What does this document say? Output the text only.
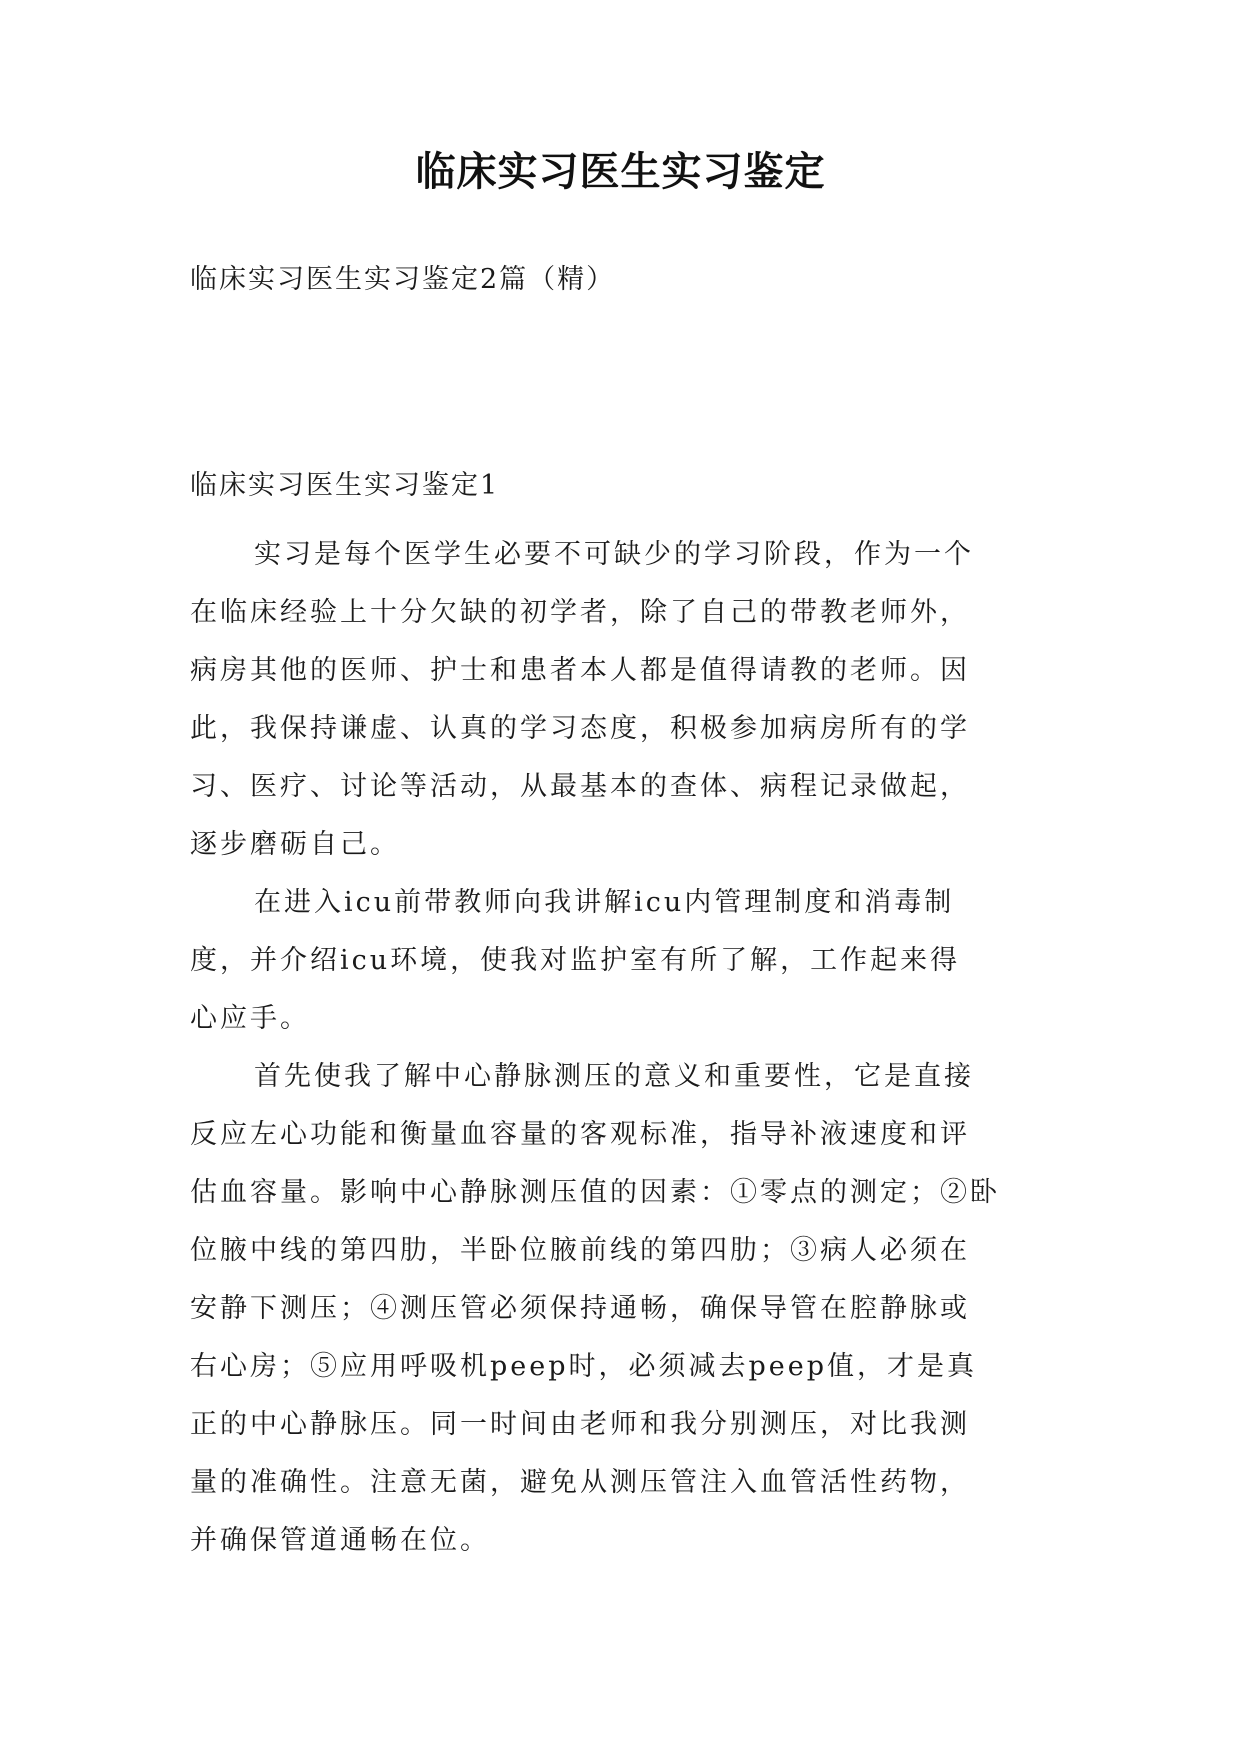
临床实习医生实习鉴定
临床实习医生实习鉴定2篇（精）
临床实习医生实习鉴定1
实习是每个医学生必要不可缺少的学习阶段，作为一个
在临床经验上十分欠缺的初学者，除了自己的带教老师外，
病房其他的医师、护士和患者本人都是值得请教的老师。因
此，我保持谦虚、认真的学习态度，积极参加病房所有的学
习、医疗、讨论等活动，从最基本的查体、病程记录做起，
逐步磨砺自己。
在进入icu前带教师向我讲解icu内管理制度和消毒制
度，并介绍icu环境，使我对监护室有所了解，工作起来得
心应手。
首先使我了解中心静脉测压的意义和重要性，它是直接
反应左心功能和衡量血容量的客观标准，指导补液速度和评
估血容量。影响中心静脉测压值的因素：①零点的测定；②卧
位腋中线的第四肋，半卧位腋前线的第四肋；③病人必须在
安静下测压；④测压管必须保持通畅，确保导管在腔静脉或
右心房；⑤应用呼吸机peep时，必须减去peep值，才是真
正的中心静脉压。同一时间由老师和我分别测压，对比我测
量的准确性。注意无菌，避免从测压管注入血管活性药物，
并确保管道通畅在位。
